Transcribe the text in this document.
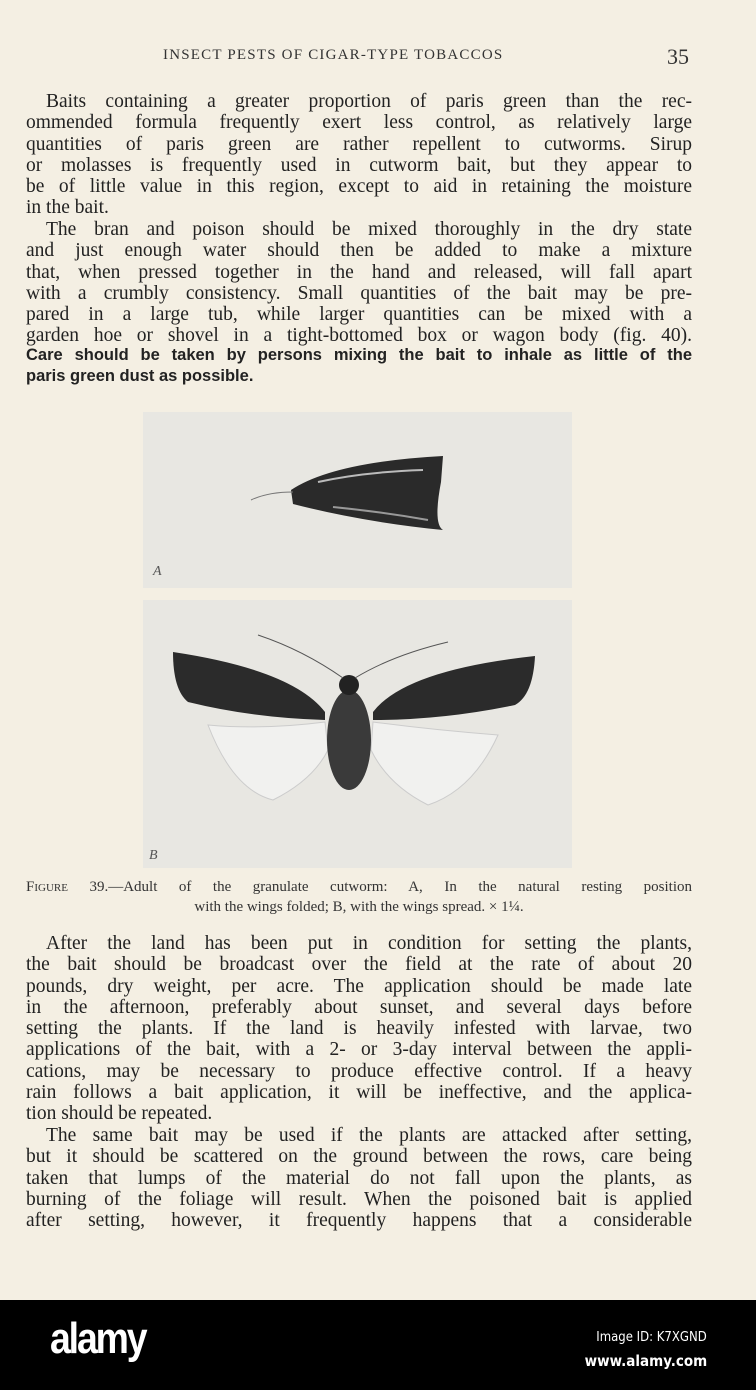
INSECT PESTS OF CIGAR-TYPE TOBACCOS	35
Baits containing a greater proportion of paris green than the rec-
ommended formula frequently exert less control, as relatively large
quantities of paris green are rather repellent to cutworms. Sirup
or molasses is frequently used in cutworm bait, but they appear to
be of little value in this region, except to aid in retaining the moisture
in the bait.
The bran and poison should be mixed thoroughly in the dry state
and just enough water should then be added to make a mixture
that, when pressed together in the hand and released, will fall apart
with a crumbly consistency. Small quantities of the bait may be pre-
pared in a large tub, while larger quantities can be mixed with a
garden hoe or shovel in a tight-bottomed box or wagon body (fig. 40).
Care should be taken by persons mixing the bait to inhale as little of the
paris green dust as possible.
A
B
Figure 39.—Adult of the granulate cutworm: A, In the natural resting position
with the wings folded; B, with the wings spread. × 1¼.
After the land has been put in condition for setting the plants,
the bait should be broadcast over the field at the rate of about 20
pounds, dry weight, per acre. The application should be made late
in the afternoon, preferably about sunset, and several days before
setting the plants. If the land is heavily infested with larvae, two
applications of the bait, with a 2- or 3-day interval between the appli-
cations, may be necessary to produce effective control. If a heavy
rain follows a bait application, it will be ineffective, and the applica-
tion should be repeated.
The same bait may be used if the plants are attacked after setting,
but it should be scattered on the ground between the rows, care being
taken that lumps of the material do not fall upon the plants, as
burning of the foliage will result. When the poisoned bait is applied
after setting, however, it frequently happens that a considerable
alamy	Image ID: K7XGND
www.alamy.com
